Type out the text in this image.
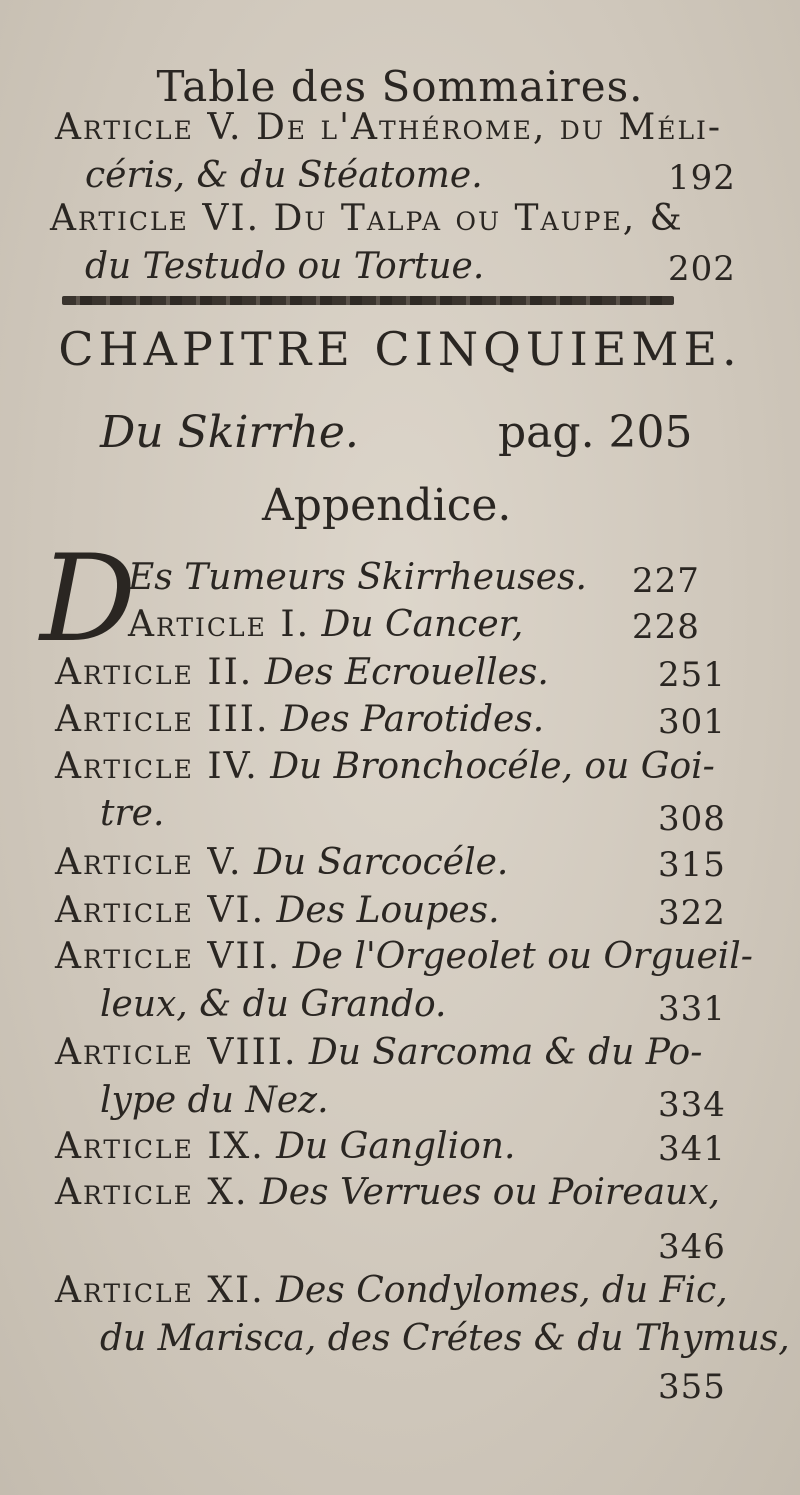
Table des Sommaires.
Article V. De l'Athérome, du Méli-
céris, & du Stéatome.	192
Article VI. Du Talpa ou Taupe, &
du Testudo ou Tortue.	202
CHAPITRE CINQUIEME.
Du Skirrhe.	pag. 205
Appendice.
D
Es Tumeurs Skirrheuses. 227
Article I. Du Cancer,	228
Article II. Des Ecrouelles.	251
Article III. Des Parotides.	301
Article IV. Du Bronchocéle, ou Goi-
tre.	308
Article V. Du Sarcocéle.	315
Article VI. Des Loupes.	322
Article VII. De l'Orgeolet ou Orgueil-
leux, & du Grando.	331
Article VIII. Du Sarcoma & du Po-
lype du Nez.	334
Article IX. Du Ganglion.	341
Article X. Des Verrues ou Poireaux,
346
Article XI. Des Condylomes, du Fic,
du Marisca, des Crétes & du Thymus,
355
